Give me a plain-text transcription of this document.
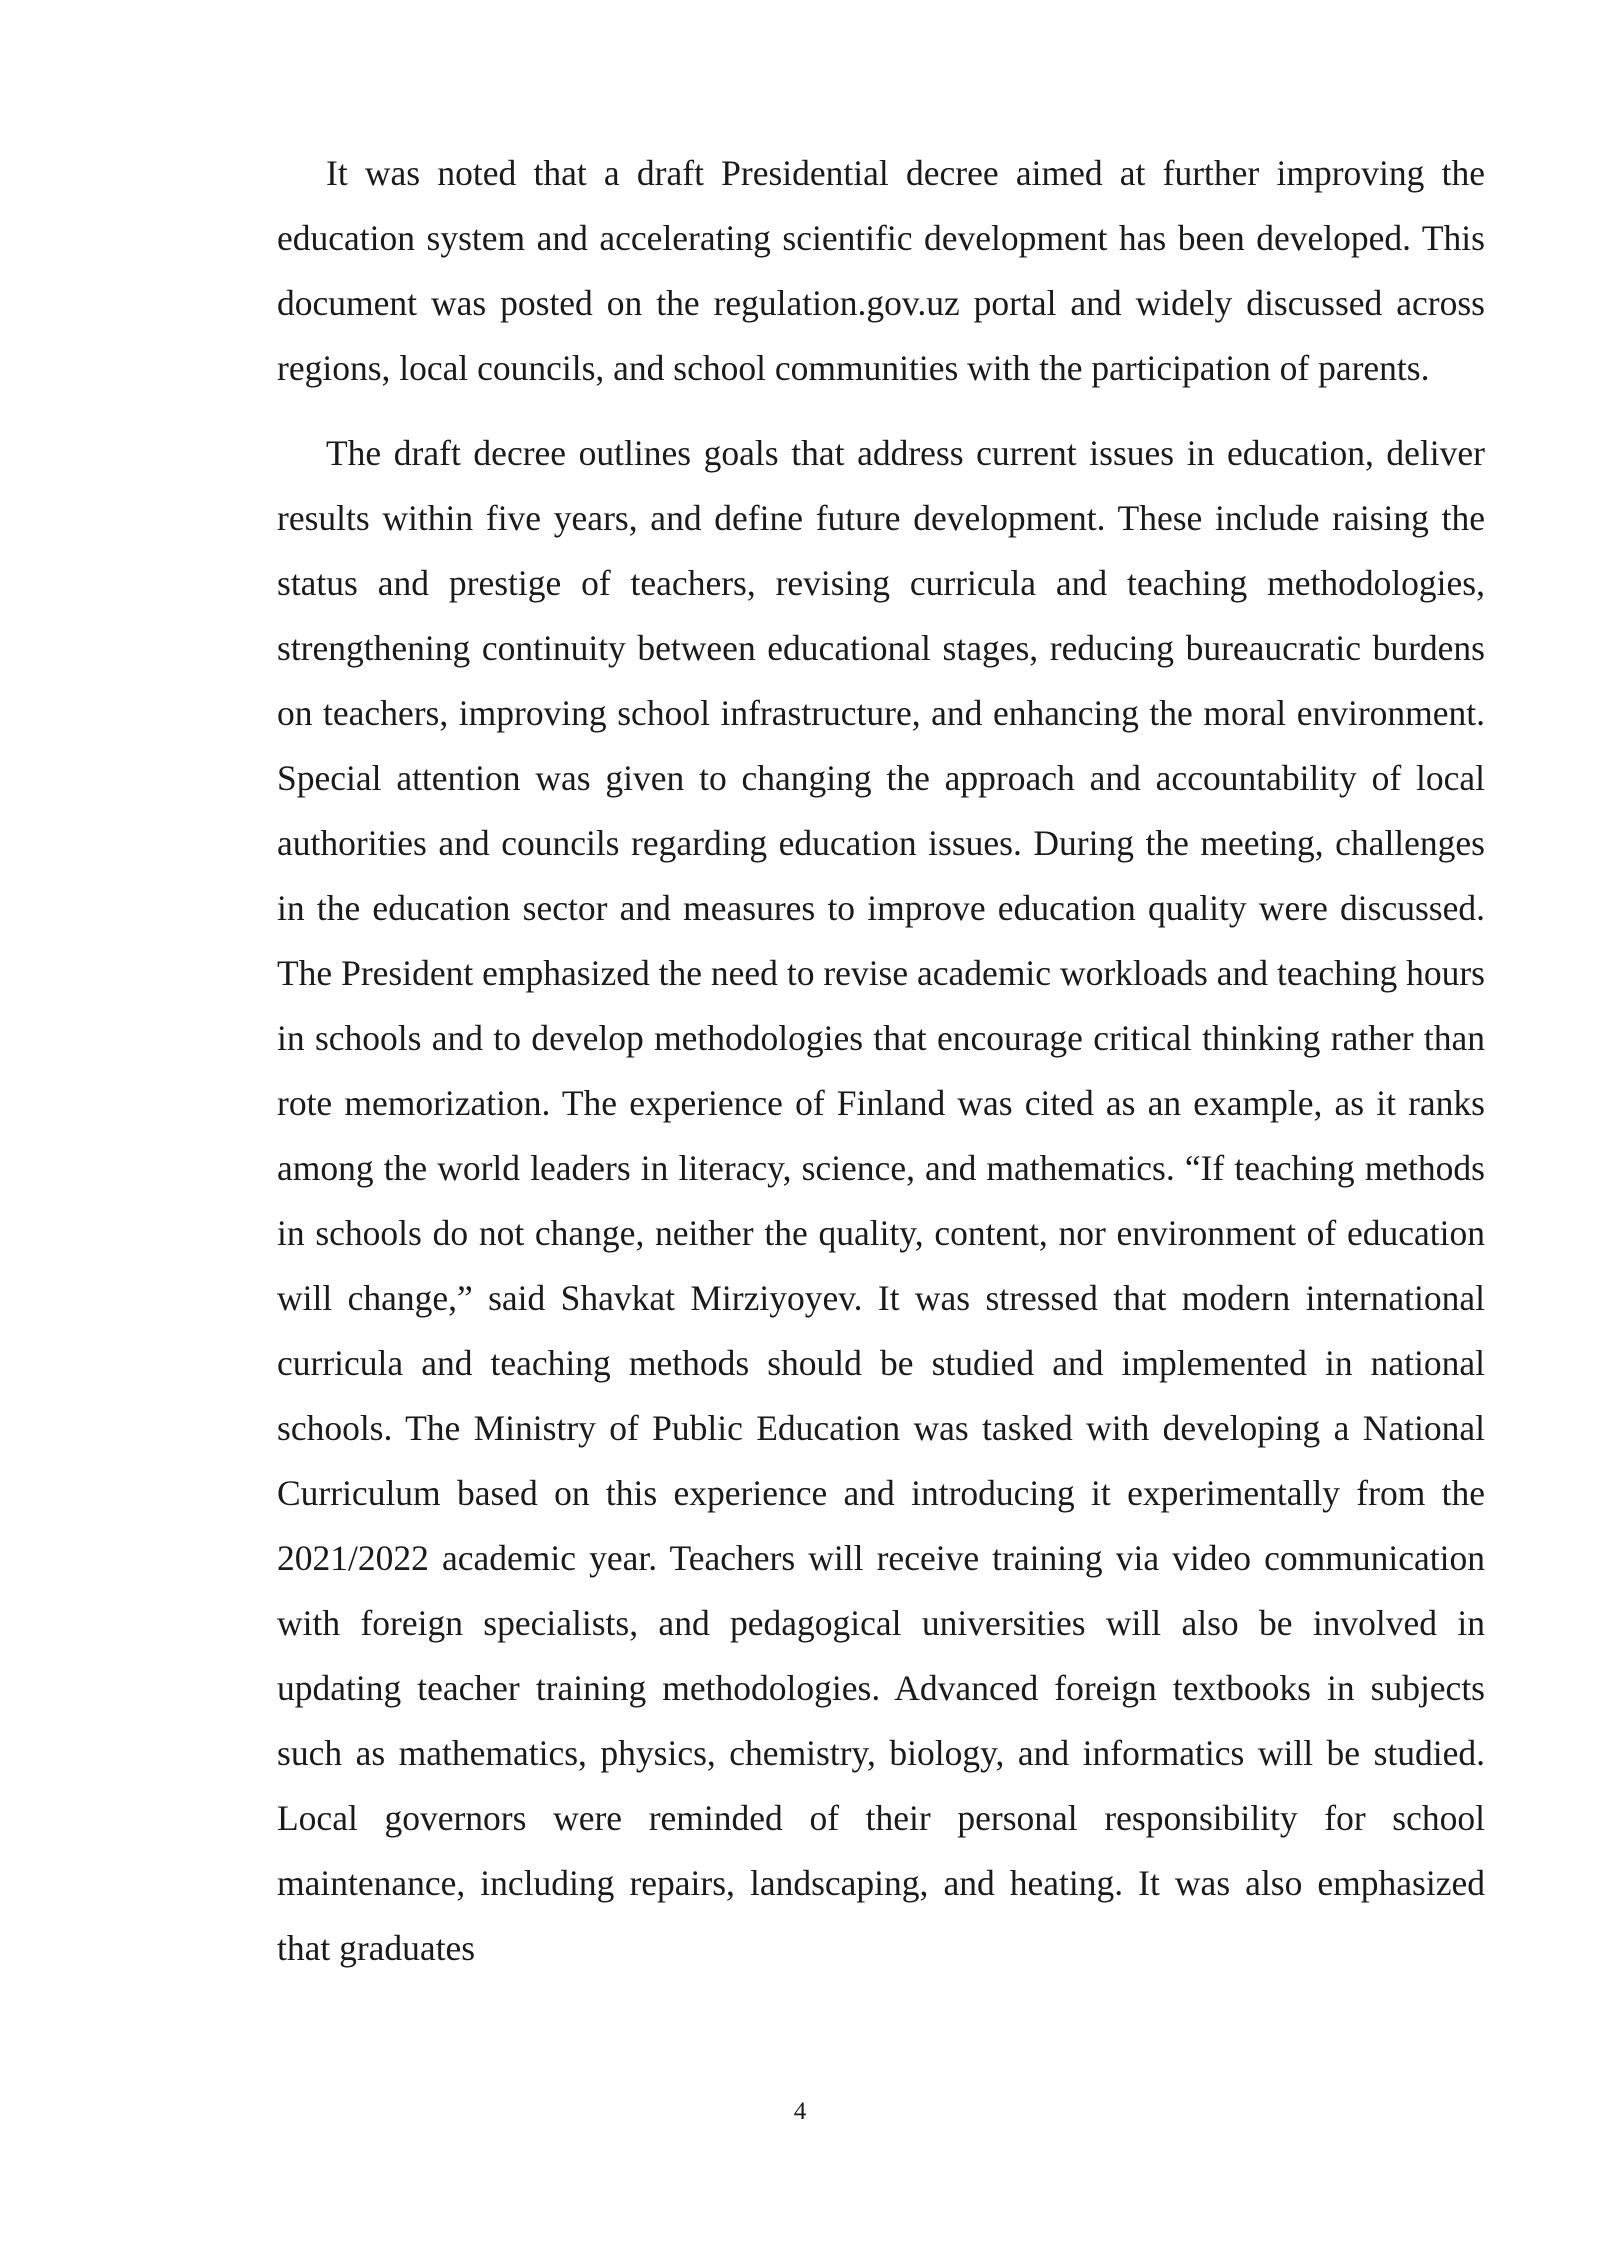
It was noted that a draft Presidential decree aimed at further improving the education system and accelerating scientific development has been developed. This document was posted on the regulation.gov.uz portal and widely discussed across regions, local councils, and school communities with the participation of parents.

The draft decree outlines goals that address current issues in education, deliver results within five years, and define future development. These include raising the status and prestige of teachers, revising curricula and teaching methodologies, strengthening continuity between educational stages, reducing bureaucratic burdens on teachers, improving school infrastructure, and enhancing the moral environment. Special attention was given to changing the approach and accountability of local authorities and councils regarding education issues. During the meeting, challenges in the education sector and measures to improve education quality were discussed. The President emphasized the need to revise academic workloads and teaching hours in schools and to develop methodologies that encourage critical thinking rather than rote memorization. The experience of Finland was cited as an example, as it ranks among the world leaders in literacy, science, and mathematics. “If teaching methods in schools do not change, neither the quality, content, nor environment of education will change,” said Shavkat Mirziyoyev. It was stressed that modern international curricula and teaching methods should be studied and implemented in national schools. The Ministry of Public Education was tasked with developing a National Curriculum based on this experience and introducing it experimentally from the 2021/2022 academic year. Teachers will receive training via video communication with foreign specialists, and pedagogical universities will also be involved in updating teacher training methodologies. Advanced foreign textbooks in subjects such as mathematics, physics, chemistry, biology, and informatics will be studied. Local governors were reminded of their personal responsibility for school maintenance, including repairs, landscaping, and heating. It was also emphasized that graduates

4
